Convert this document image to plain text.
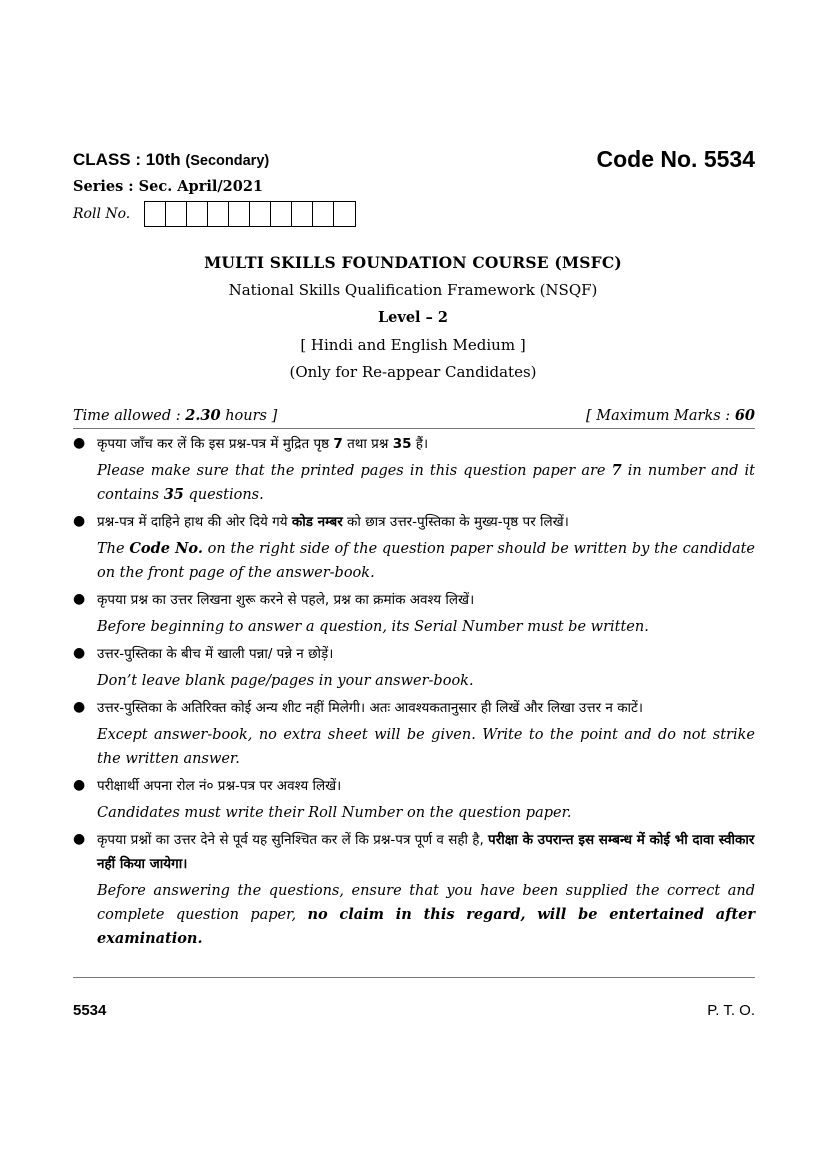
CLASS : 10th (Secondary)	Code No. 5534
Series : Sec. April/2021
Roll No.
MULTI SKILLS FOUNDATION COURSE (MSFC)
National Skills Qualification Framework (NSQF)
Level – 2
[ Hindi and English Medium ]
(Only for Re-appear Candidates)
Time allowed : 2.30 hours ]	[ Maximum Marks : 60
● कृपया जाँच कर लें कि इस प्रश्न-पत्र में मुद्रित पृष्ठ 7 तथा प्रश्न 35 हैं।
Please make sure that the printed pages in this question paper are 7 in number and it contains 35 questions.
● प्रश्न-पत्र में दाहिने हाथ की ओर दिये गये कोड नम्बर को छात्र उत्तर-पुस्तिका के मुख्य-पृष्ठ पर लिखें।
The Code No. on the right side of the question paper should be written by the candidate on the front page of the answer-book.
● कृपया प्रश्न का उत्तर लिखना शुरू करने से पहले, प्रश्न का क्रमांक अवश्य लिखें।
Before beginning to answer a question, its Serial Number must be written.
● उत्तर-पुस्तिका के बीच में खाली पन्ना/ पन्ने न छोड़ें।
Don’t leave blank page/pages in your answer-book.
● उत्तर-पुस्तिका के अतिरिक्त कोई अन्य शीट नहीं मिलेगी। अतः आवश्यकतानुसार ही लिखें और लिखा उत्तर न काटें।
Except answer-book, no extra sheet will be given. Write to the point and do not strike the written answer.
● परीक्षार्थी अपना रोल नं० प्रश्न-पत्र पर अवश्य लिखें।
Candidates must write their Roll Number on the question paper.
● कृपया प्रश्नों का उत्तर देने से पूर्व यह सुनिश्चित कर लें कि प्रश्न-पत्र पूर्ण व सही है, परीक्षा के उपरान्त इस सम्बन्ध में कोई भी दावा स्वीकार नहीं किया जायेगा।
Before answering the questions, ensure that you have been supplied the correct and complete question paper, no claim in this regard, will be entertained after examination.
5534	P. T. O.
